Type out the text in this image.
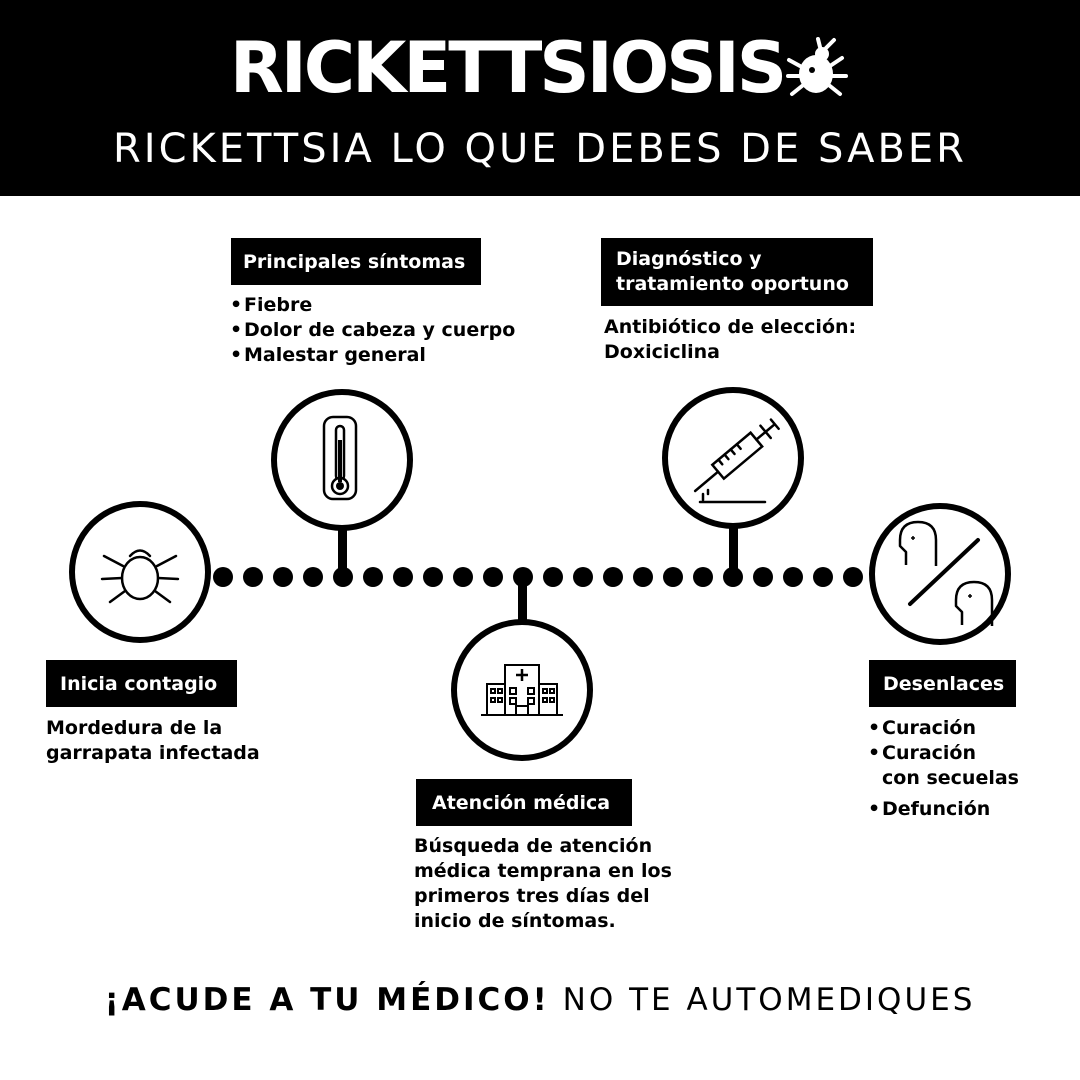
RICKETTSIOSIS
RICKETTSIA LO QUE DEBES DE SABER
Inicia contagio
Mordedura de la
garrapata infectada
Principales síntomas
• Fiebre
• Dolor de cabeza y cuerpo
• Malestar general
Atención médica
Búsqueda de atención
médica temprana en los
primeros tres días del
inicio de síntomas.
Diagnóstico y
tratamiento oportuno
Antibiótico de elección:
Doxiciclina
Desenlaces
• Curación
• Curación
con secuelas
• Defunción
¡ACUDE A TU MÉDICO! NO TE AUTOMEDIQUES
